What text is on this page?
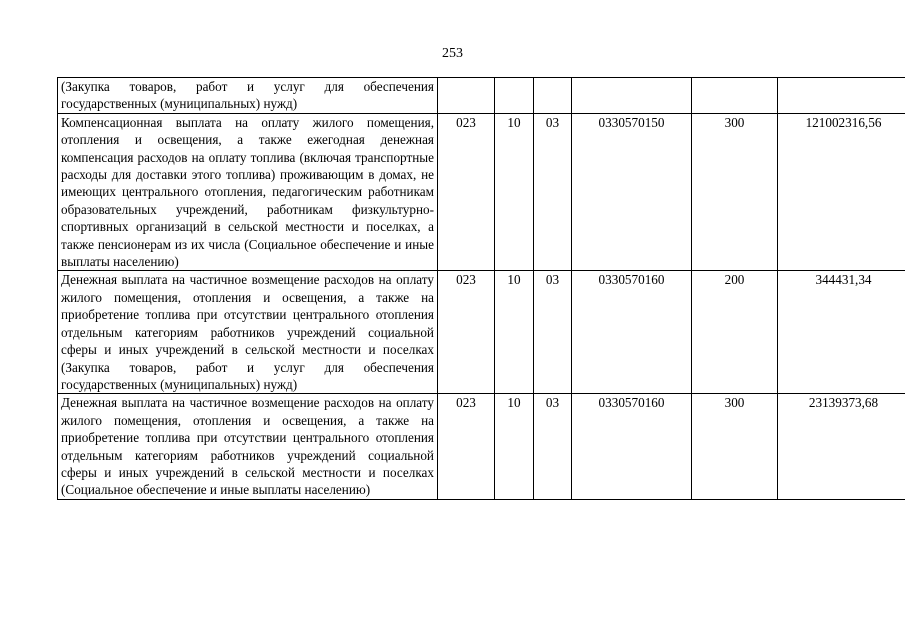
253
(Закупка товаров, работ и услуг для обеспечения государственных (муниципальных) нужд)						
Компенсационная выплата на оплату жилого помещения, отопления и освещения, а также ежегодная денежная компенсация расходов на оплату топлива (включая транспортные расходы для доставки этого топлива) проживающим в домах, не имеющих центрального отопления, педагогическим работникам образовательных учреждений, работникам физкультурно-спортивных организаций в сельской местности и поселках, а также пенсионерам из их числа (Социальное обеспечение и иные выплаты населению)	023	10	03	0330570150	300	121002316,56
Денежная выплата на частичное возмещение расходов на оплату жилого помещения, отопления и освещения, а также на приобретение топлива при отсутствии центрального отопления отдельным категориям работников учреждений социальной сферы и иных учреждений в сельской местности и поселках (Закупка товаров, работ и услуг для обеспечения государственных (муниципальных) нужд)	023	10	03	0330570160	200	344431,34
Денежная выплата на частичное возмещение расходов на оплату жилого помещения, отопления и освещения, а также на приобретение топлива при отсутствии центрального отопления отдельным категориям работников учреждений социальной сферы и иных учреждений в сельской местности и поселках (Социальное обеспечение и иные выплаты населению)	023	10	03	0330570160	300	23139373,68
